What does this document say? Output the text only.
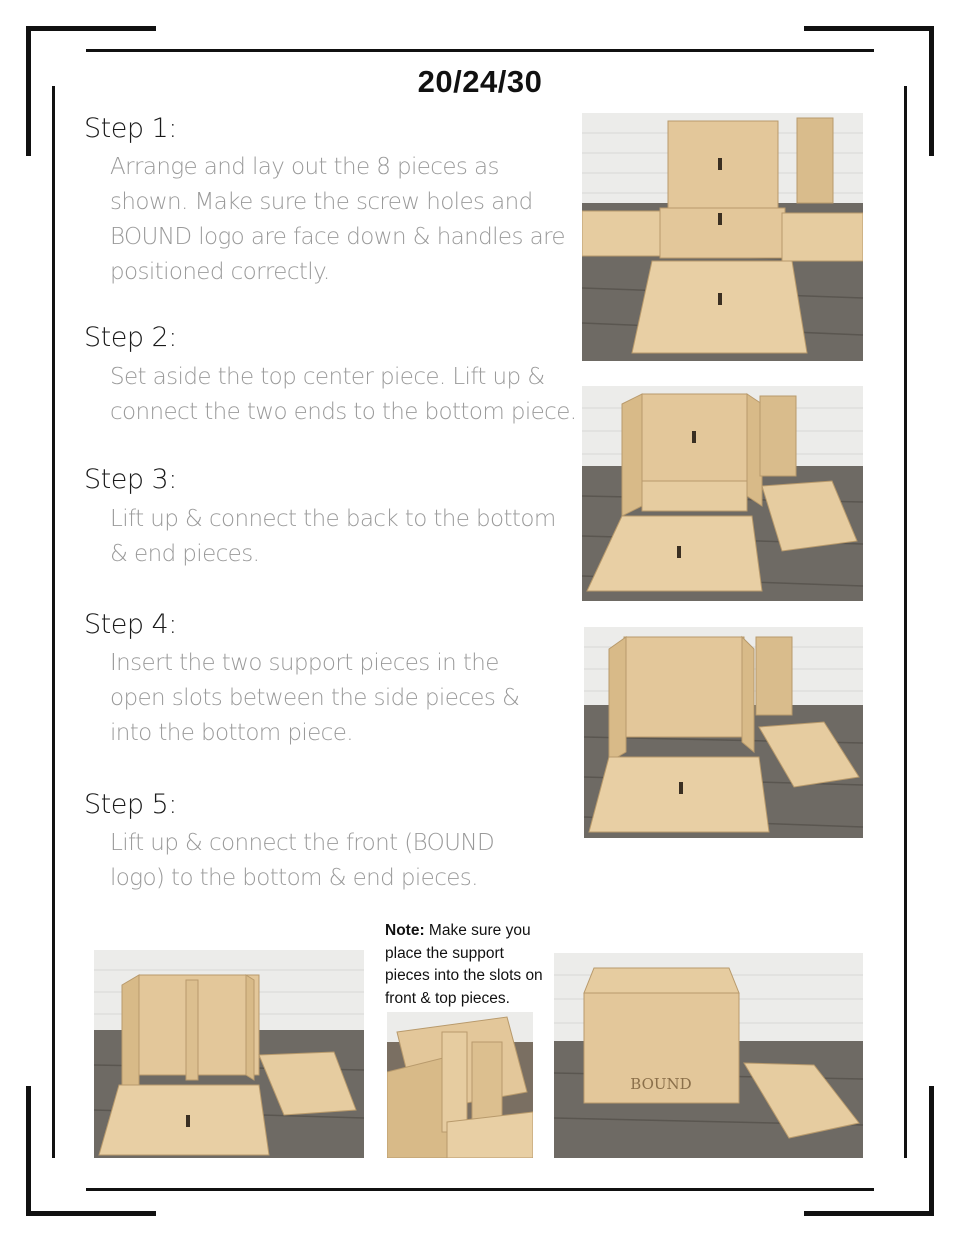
20/24/30
Step 1:
Arrange and lay out the 8 pieces as shown. Make sure the screw holes and BOUND logo are face down & handles are positioned correctly.
Step 2:
Set aside the top center piece. Lift up & connect the two ends to the bottom piece.
Step 3:
Lift up & connect the back to the bottom & end pieces.
Step 4:
Insert the two support pieces in the open slots between the side pieces & into the bottom piece.
Step 5:
Lift up & connect the front (BOUND logo) to the bottom & end pieces.
Note: Make sure you place the support pieces into the slots on front & top pieces.
BOUND
